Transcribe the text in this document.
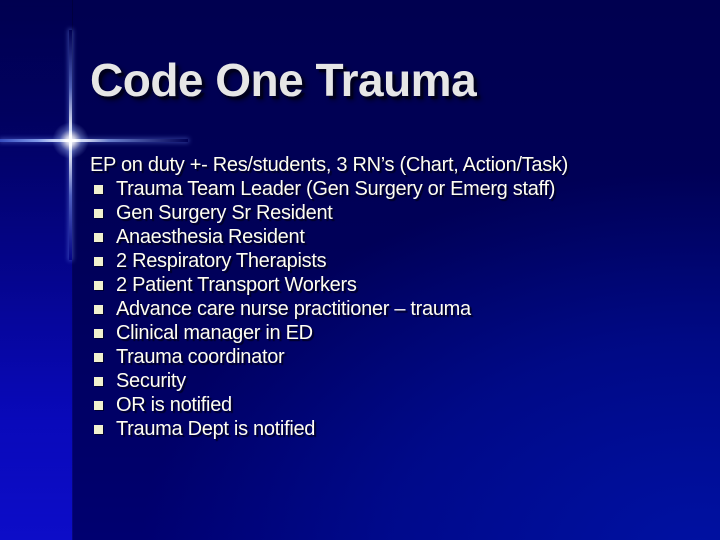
Code One Trauma
EP on duty +- Res/students, 3 RN’s (Chart, Action/Task)
Trauma Team Leader (Gen Surgery or Emerg staff)
Gen Surgery Sr Resident
Anaesthesia Resident
2 Respiratory Therapists
2 Patient Transport Workers
Advance care nurse practitioner – trauma
Clinical manager in ED
Trauma coordinator
Security
OR is notified
Trauma Dept is notified
